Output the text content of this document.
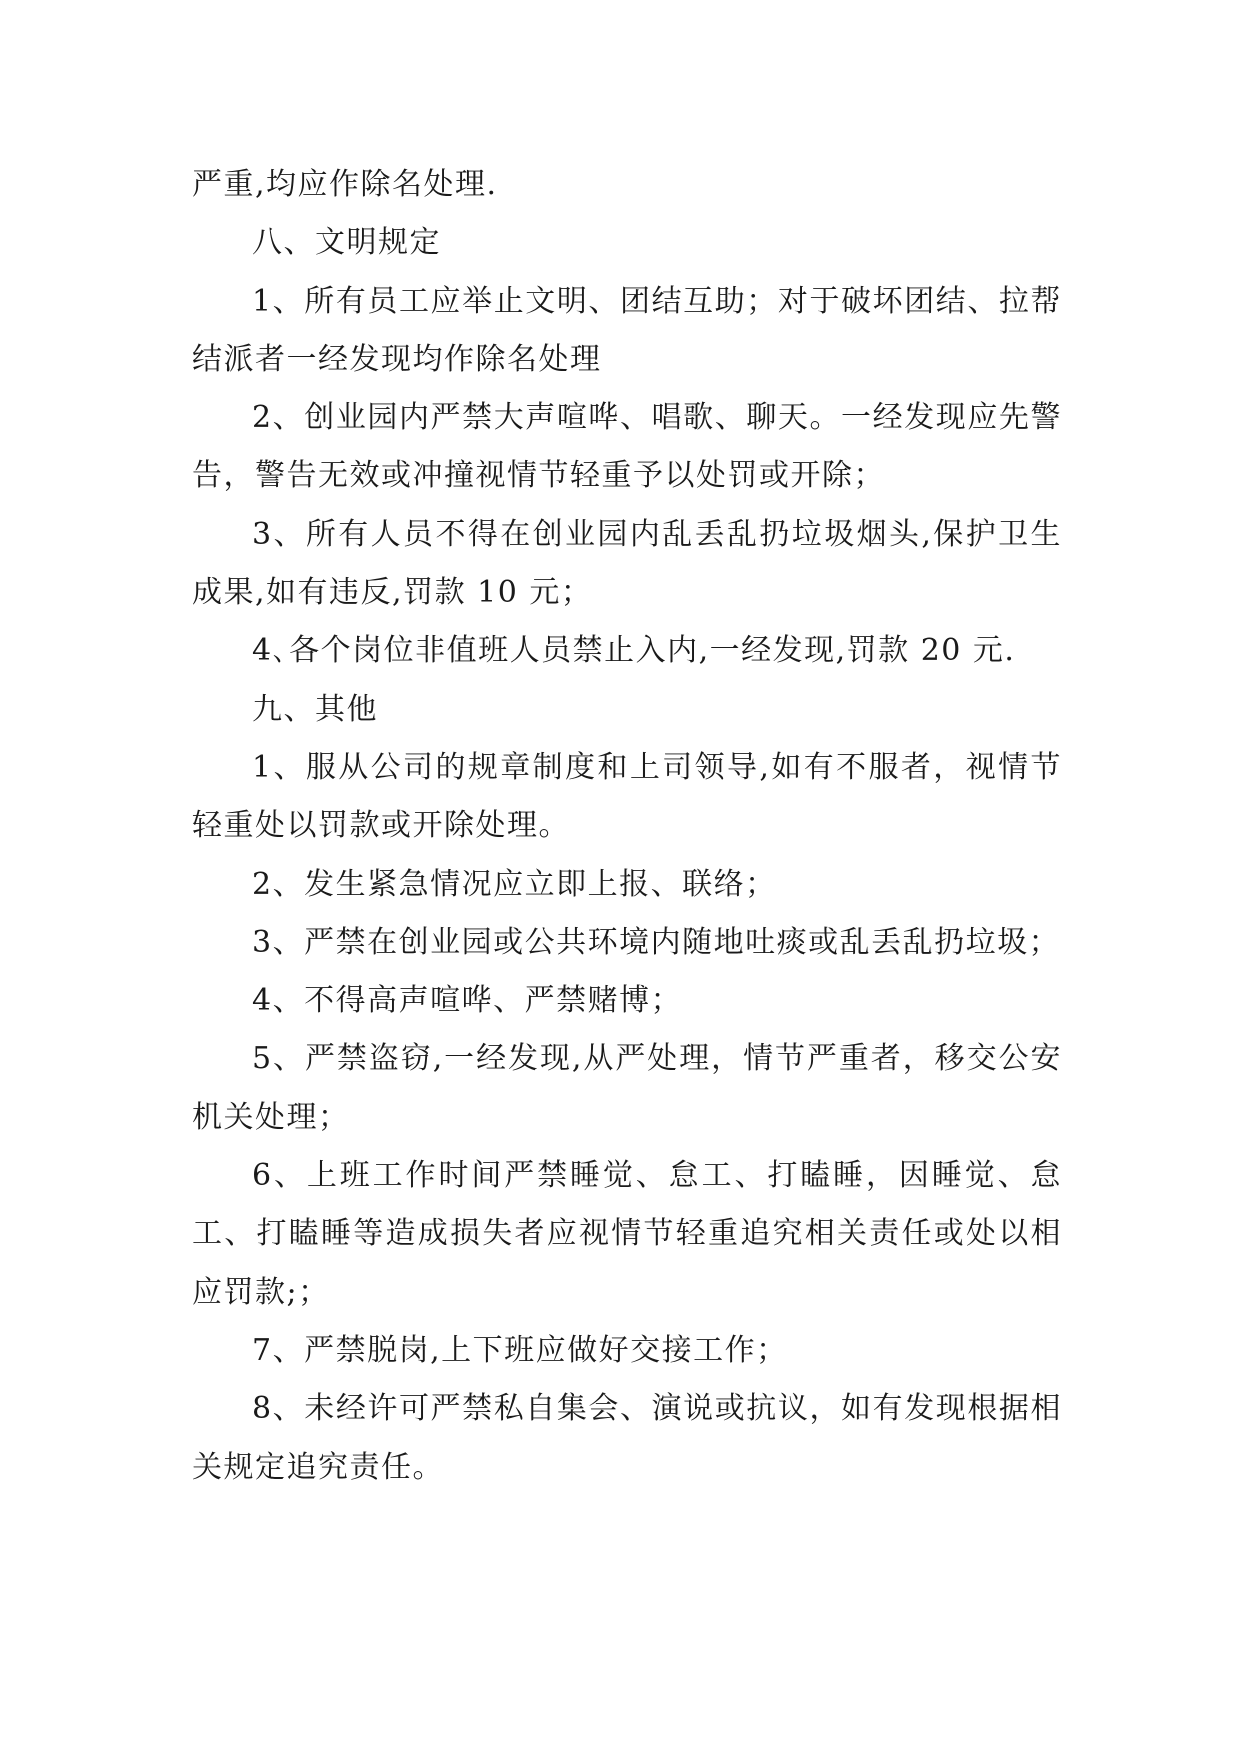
严重,均应作除名处理.

八、文明规定

1、所有员工应举止文明、团结互助；对于破坏团结、拉帮结派者一经发现均作除名处理

2、创业园内严禁大声喧哗、唱歌、聊天。一经发现应先警告，警告无效或冲撞视情节轻重予以处罚或开除；

3、所有人员不得在创业园内乱丢乱扔垃圾烟头,保护卫生成果,如有违反,罚款 10 元；

4､各个岗位非值班人员禁止入内,一经发现,罚款 20 元.

九、其他

1、服从公司的规章制度和上司领导,如有不服者，视情节轻重处以罚款或开除处理。

2、发生紧急情况应立即上报、联络；

3、严禁在创业园或公共环境内随地吐痰或乱丢乱扔垃圾；

4、不得高声喧哗、严禁赌博；

5、严禁盗窃,一经发现,从严处理，情节严重者，移交公安机关处理；

6、上班工作时间严禁睡觉、怠工、打瞌睡，因睡觉、怠工、打瞌睡等造成损失者应视情节轻重追究相关责任或处以相应罚款;；

7、严禁脱岗,上下班应做好交接工作；

8、未经许可严禁私自集会、演说或抗议，如有发现根据相关规定追究责任。
